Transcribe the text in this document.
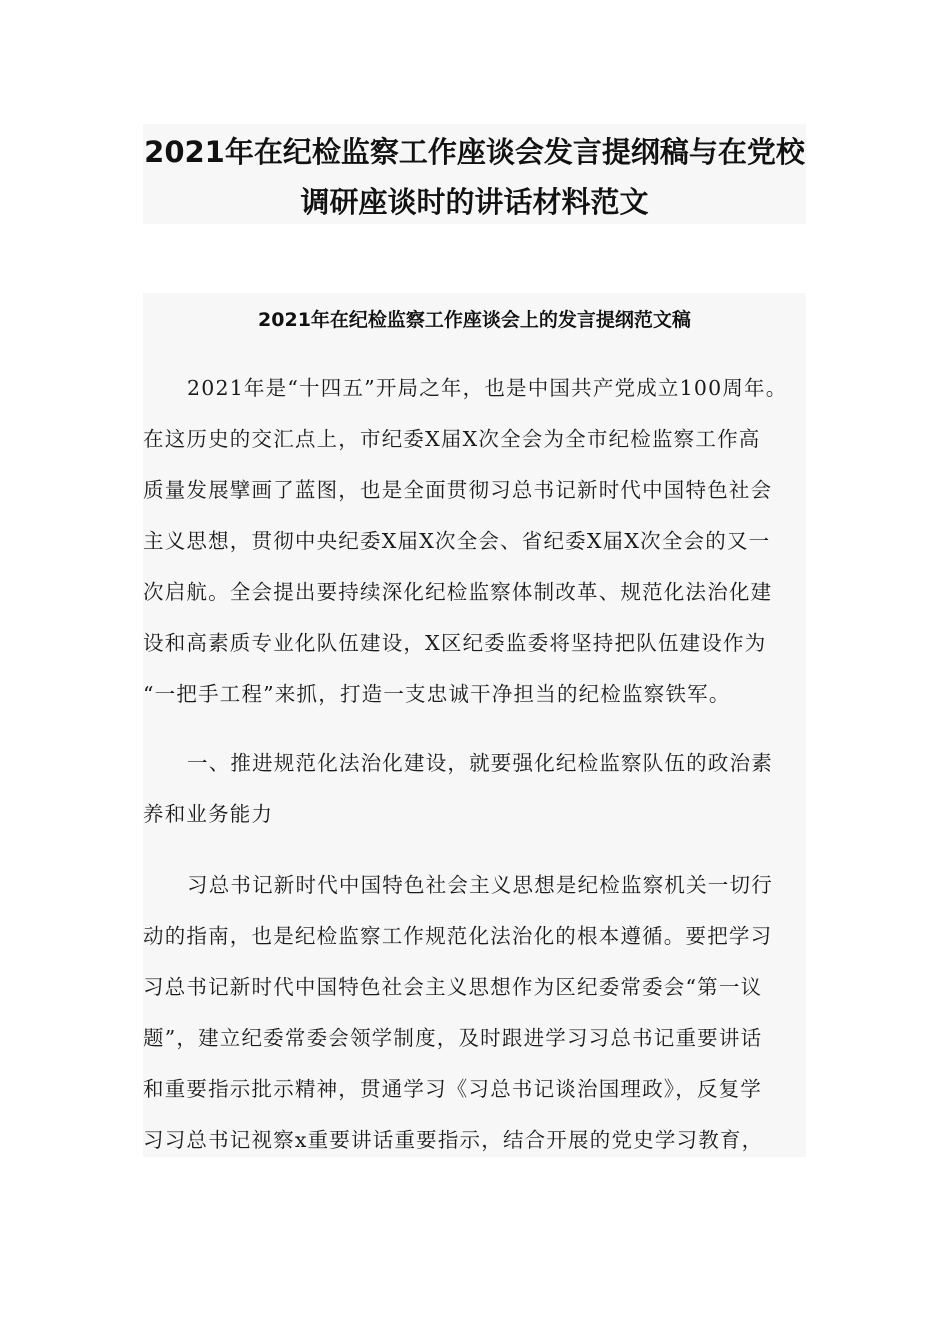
2021年在纪检监察工作座谈会发言提纲稿与在党校
调研座谈时的讲话材料范文
2021年在纪检监察工作座谈会上的发言提纲范文稿
2021年是“十四五”开局之年，也是中国共产党成立100周年。
在这历史的交汇点上，市纪委X届X次全会为全市纪检监察工作高
质量发展擘画了蓝图，也是全面贯彻习总书记新时代中国特色社会
主义思想，贯彻中央纪委X届X次全会、省纪委X届X次全会的又一
次启航。全会提出要持续深化纪检监察体制改革、规范化法治化建
设和高素质专业化队伍建设，X区纪委监委将坚持把队伍建设作为
“一把手工程”来抓，打造一支忠诚干净担当的纪检监察铁军。
一、推进规范化法治化建设，就要强化纪检监察队伍的政治素
养和业务能力
习总书记新时代中国特色社会主义思想是纪检监察机关一切行
动的指南，也是纪检监察工作规范化法治化的根本遵循。要把学习
习总书记新时代中国特色社会主义思想作为区纪委常委会“第一议
题”，建立纪委常委会领学制度，及时跟进学习习总书记重要讲话
和重要指示批示精神，贯通学习《习总书记谈治国理政》，反复学
习习总书记视察x重要讲话重要指示，结合开展的党史学习教育，
